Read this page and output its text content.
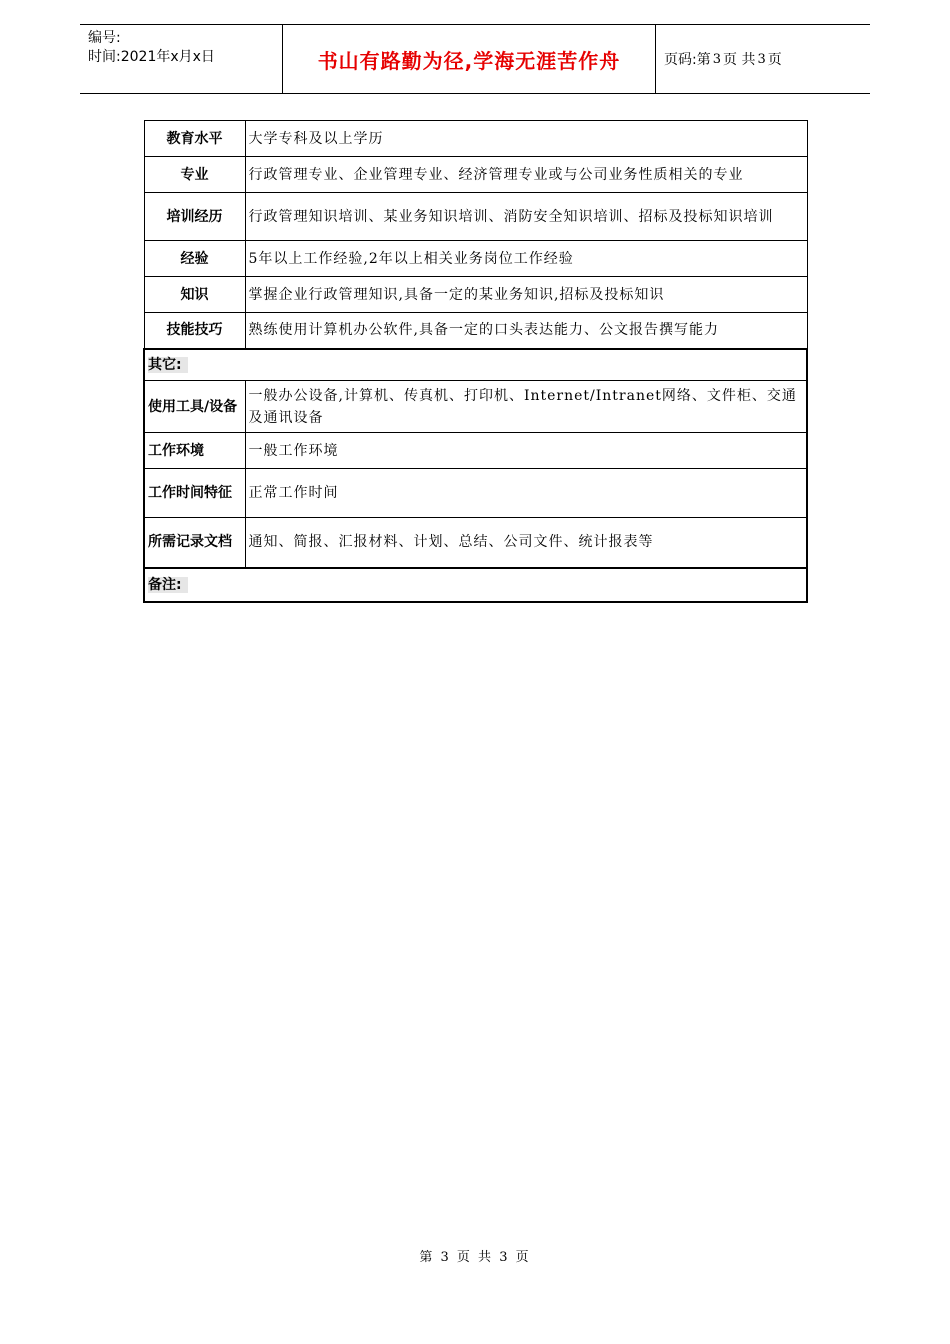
编号:
时间:2021年x月x日	书山有路勤为径,学海无涯苦作舟	页码:第 3 页 共 3 页
教育水平	大学专科及以上学历
专业	行政管理专业、企业管理专业、经济管理专业或与公司业务性质相关的专业
培训经历	行政管理知识培训、某业务知识培训、消防安全知识培训、招标及投标知识培训
经验	5年以上工作经验,2年以上相关业务岗位工作经验
知识	掌握企业行政管理知识,具备一定的某业务知识,招标及投标知识
技能技巧	熟练使用计算机办公软件,具备一定的口头表达能力、公文报告撰写能力
其它:	
使用工具/设备	一般办公设备,计算机、传真机、打印机、Internet/Intranet网络、文件柜、交通及通讯设备
工作环境	一般工作环境
工作时间特征	正常工作时间
所需记录文档	通知、简报、汇报材料、计划、总结、公司文件、统计报表等
备注:	
第 3 页 共 3 页
